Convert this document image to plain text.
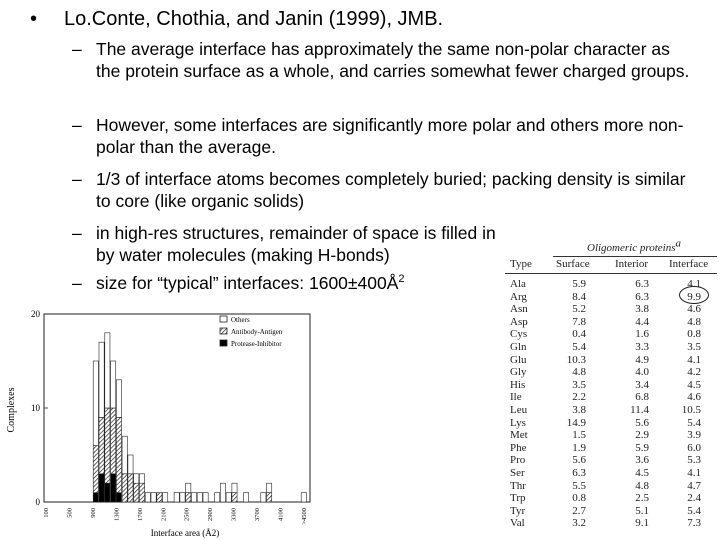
• Lo.Conte, Chothia, and Janin (1999), JMB.
– The average interface has approximately the same non-polar character as the protein surface as a whole, and carries somewhat fewer charged groups.
– However, some interfaces are significantly more polar and others more non-polar than the average.
– 1/3 of interface atoms becomes completely buried; packing density is similar to core (like organic solids)
– in high-res structures, remainder of space is filled in by water molecules (making H-bonds)
– size for “typical” interfaces: $1600\pm 400Å^2$
Oligomeric proteinsa
Type Surface Interior Interface
Ala	5.9	6.3	4.1
Arg	8.4	6.3	9.9
Asn	5.2	3.8	4.6
Asp	7.8	4.4	4.8
Cys	0.4	1.6	0.8
Gln	5.4	3.3	3.5
Glu	10.3	4.9	4.1
Gly	4.8	4.0	4.2
His	3.5	3.4	4.5
Ile	2.2	6.8	4.6
Leu	3.8	11.4	10.5
Lys	14.9	5.6	5.4
Met	1.5	2.9	3.9
Phe	1.9	5.9	6.0
Pro	5.6	3.6	5.3
Ser	6.3	4.5	4.1
Thr	5.5	4.8	4.7
Trp	0.8	2.5	2.4
Tyr	2.7	5.1	5.4
Val	3.2	9.1	7.3
0
10
20
100	500	900	1300	1700	2100	2500	2900	3300	3700	4100	>4500
Complexes
Interface area (Å2)
Others
Antibody-Antigen
Protease-Inhibitor
